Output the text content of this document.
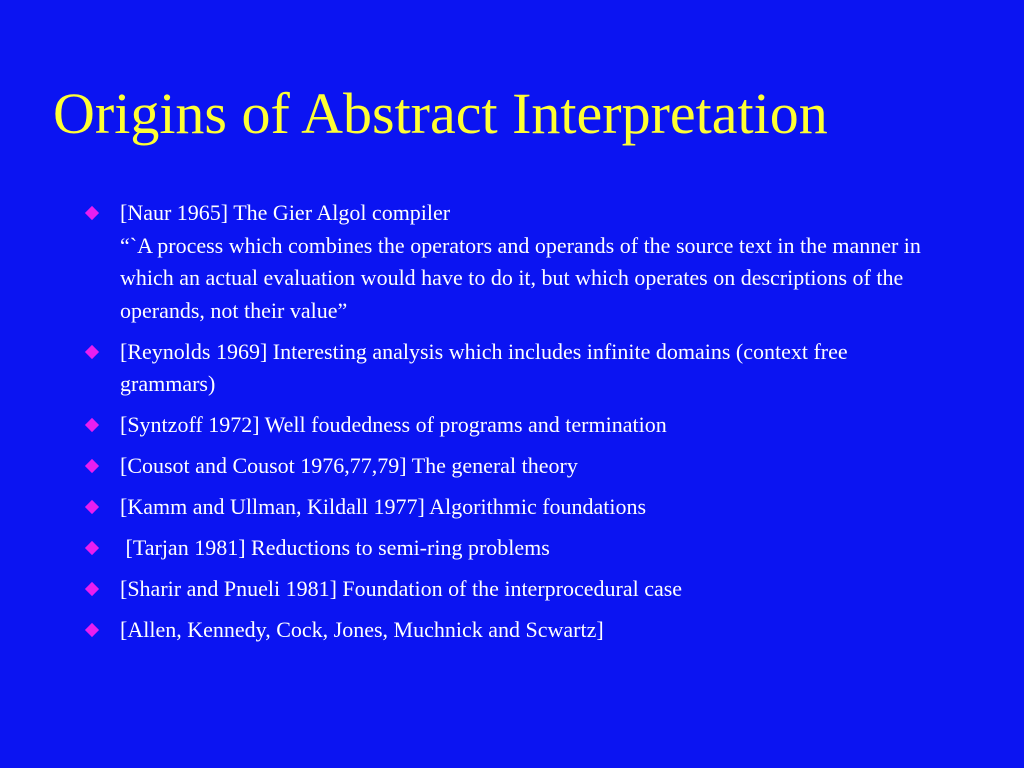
Origins of Abstract Interpretation
[Naur 1965] The Gier Algol compiler
“`A process which combines the operators and operands of the source text in the manner in which an actual evaluation would have to do it, but which operates on descriptions of the operands, not their value”
[Reynolds 1969] Interesting analysis which includes infinite domains (context free grammars)
[Syntzoff 1972] Well foudedness of programs and termination
[Cousot and Cousot 1976,77,79] The general theory
[Kamm and Ullman, Kildall 1977] Algorithmic foundations
[Tarjan 1981] Reductions to semi-ring problems
[Sharir and Pnueli 1981] Foundation of the interprocedural case
[Allen, Kennedy, Cock, Jones, Muchnick and Scwartz]
